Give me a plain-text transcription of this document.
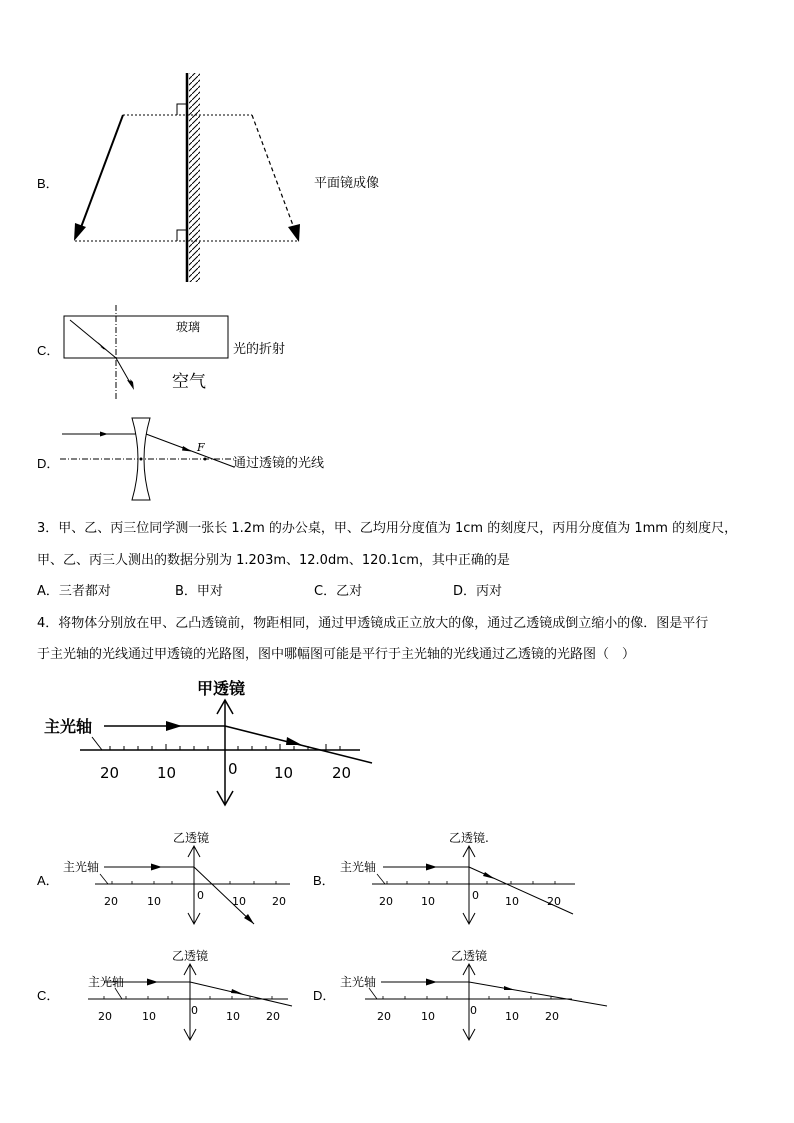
B．	平面镜成像
C．
玻璃
空气
光的折射
D．
F
通过透镜的光线
3．甲、乙、丙三位同学测一张长 1.2m 的办公桌，甲、乙均用分度值为 1cm 的刻度尺，丙用分度值为 1mm 的刻度尺，
甲、乙、丙三人测出的数据分别为 1.203m、12.0dm、120.1cm，其中正确的是
A．三者都对	B．甲对	C．乙对	D．丙对
4．将物体分别放在甲、乙凸透镜前，物距相同，通过甲透镜成正立放大的像，通过乙透镜成倒立缩小的像．图是平行
于主光轴的光线通过甲透镜的光路图，图中哪幅图可能是平行于主光轴的光线通过乙透镜的光路图（　）
甲透镜
主光轴
20	10	0 10	20
A．
乙透镜
主光轴
20	10	0	10 20
B．
乙透镜.
主光轴
20	10	0 10	20
C．
乙透镜
主光轴
20	10	0	10 20
D．
乙透镜
主光轴
20	10	0	10 20
